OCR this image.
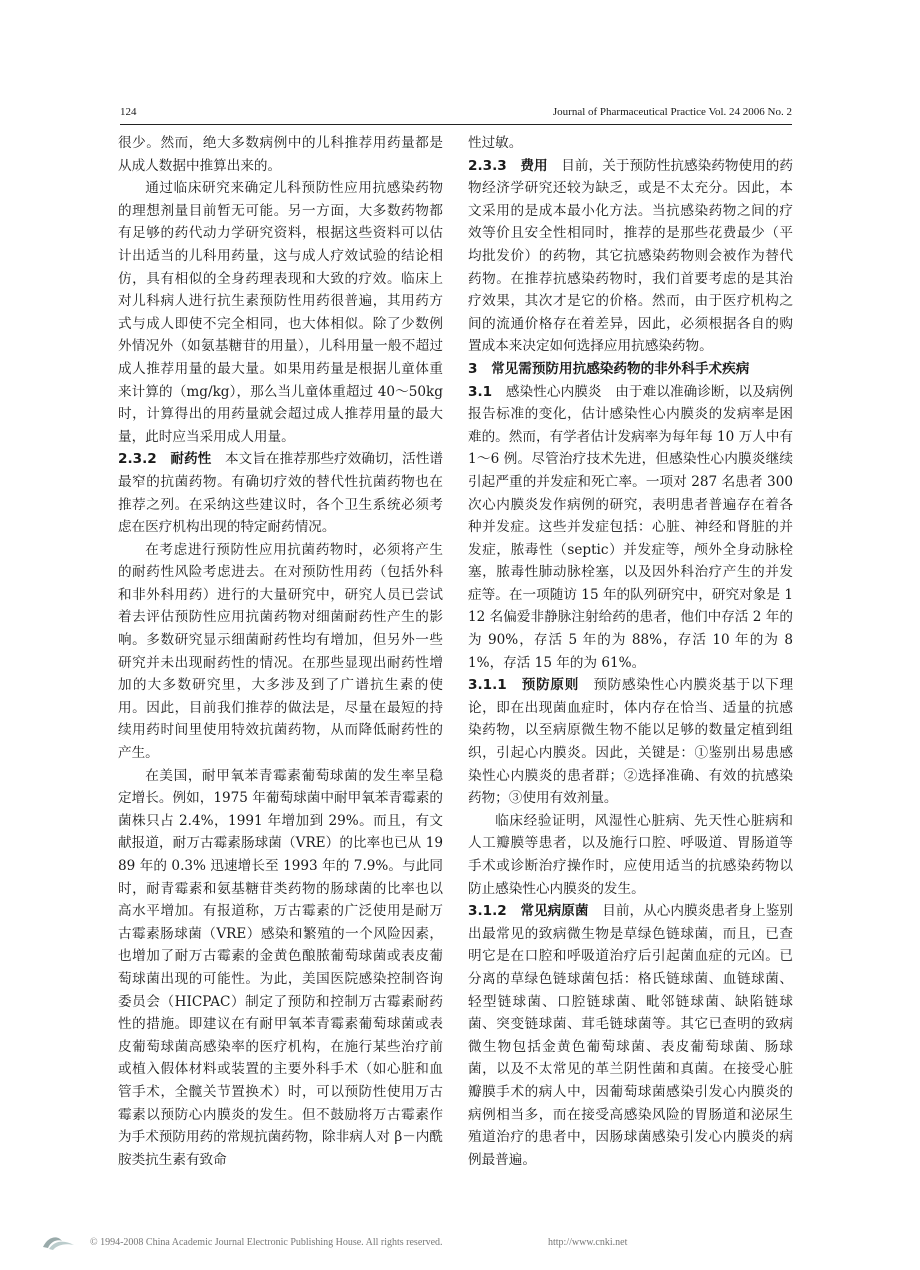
124	Journal of Pharmaceutical Practice Vol. 24 2006 No. 2

很少。然而，绝大多数病例中的儿科推荐用药量都是从成人数据中推算出来的。

通过临床研究来确定儿科预防性应用抗感染药物的理想剂量目前暂无可能。另一方面，大多数药物都有足够的药代动力学研究资料，根据这些资料可以估计出适当的儿科用药量，这与成人疗效试验的结论相仿，具有相似的全身药理表现和大致的疗效。临床上对儿科病人进行抗生素预防性用药很普遍，其用药方式与成人即使不完全相同，也大体相似。除了少数例外情况外（如氨基糖苷的用量），儿科用量一般不超过成人推荐用量的最大量。如果用药量是根据儿童体重来计算的（mg/kg），那么当儿童体重超过 40～50kg 时，计算得出的用药量就会超过成人推荐用量的最大量，此时应当采用成人用量。

2.3.2　 耐药性　 本文旨在推荐那些疗效确切，活性谱最窄的抗菌药物。有确切疗效的替代性抗菌药物也在推荐之列。在采纳这些建议时，各个卫生系统必须考虑在医疗机构出现的特定耐药情况。

在考虑进行预防性应用抗菌药物时，必须将产生的耐药性风险考虑进去。在对预防性用药（包括外科和非外科用药）进行的大量研究中，研究人员已尝试着去评估预防性应用抗菌药物对细菌耐药性产生的影响。多数研究显示细菌耐药性均有增加，但另外一些研究并未出现耐药性的情况。在那些显现出耐药性增加的大多数研究里，大多涉及到了广谱抗生素的使用。因此，目前我们推荐的做法是，尽量在最短的持续用药时间里使用特效抗菌药物，从而降低耐药性的产生。

在美国，耐甲氧苯青霉素葡萄球菌的发生率呈稳定增长。例如，1975 年葡萄球菌中耐甲氧苯青霉素的菌株只占 2.4%，1991 年增加到 29%。而且，有文献报道，耐万古霉素肠球菌（VRE）的比率也已从 1989 年的 0.3% 迅速增长至 1993 年的 7.9%。与此同时，耐青霉素和氨基糖苷类药物的肠球菌的比率也以高水平增加。有报道称，万古霉素的广泛使用是耐万古霉素肠球菌（VRE）感染和繁殖的一个风险因素，也增加了耐万古霉素的金黄色酿脓葡萄球菌或表皮葡萄球菌出现的可能性。为此，美国医院感染控制咨询委员会（HICPAC）制定了预防和控制万古霉素耐药性的措施。即建议在有耐甲氧苯青霉素葡萄球菌或表皮葡萄球菌高感染率的医疗机构，在施行某些治疗前或植入假体材料或装置的主要外科手术（如心脏和血管手术，全髋关节置换术）时，可以预防性使用万古霉素以预防心内膜炎的发生。但不鼓励将万古霉素作为手术预防用药的常规抗菌药物，除非病人对 β－内酰胺类抗生素有致命

性过敏。

2.3.3　 费用　 目前，关于预防性抗感染药物使用的药物经济学研究还较为缺乏，或是不太充分。因此，本文采用的是成本最小化方法。当抗感染药物之间的疗效等价且安全性相同时，推荐的是那些花费最少（平均批发价）的药物，其它抗感染药物则会被作为替代药物。在推荐抗感染药物时，我们首要考虑的是其治疗效果，其次才是它的价格。然而，由于医疗机构之间的流通价格存在着差异，因此，必须根据各自的购置成本来决定如何选择应用抗感染药物。

3　 常见需预防用抗感染药物的非外科手术疾病

3.1　 感染性心内膜炎　 由于难以准确诊断，以及病例报告标准的变化，估计感染性心内膜炎的发病率是困难的。然而，有学者估计发病率为每年每 10 万人中有 1～6 例。尽管治疗技术先进，但感染性心内膜炎继续引起严重的并发症和死亡率。一项对 287 名患者 300 次心内膜炎发作病例的研究，表明患者普遍存在着各种并发症。这些并发症包括：心脏、神经和肾脏的并发症，脓毒性（septic）并发症等，颅外全身动脉栓塞，脓毒性肺动脉栓塞，以及因外科治疗产生的并发症等。在一项随访 15 年的队列研究中，研究对象是 112 名偏爱非静脉注射给药的患者，他们中存活 2 年的为 90%，存活 5 年的为 88%，存活 10 年的为 81%，存活 15 年的为 61%。

3.1.1　 预防原则　 预防感染性心内膜炎基于以下理论，即在出现菌血症时，体内存在恰当、适量的抗感染药物，以至病原微生物不能以足够的数量定植到组织，引起心内膜炎。因此，关键是：①鉴别出易患感染性心内膜炎的患者群；②选择准确、有效的抗感染药物；③使用有效剂量。

临床经验证明，风湿性心脏病、先天性心脏病和人工瓣膜等患者，以及施行口腔、呼吸道、胃肠道等手术或诊断治疗操作时，应使用适当的抗感染药物以防止感染性心内膜炎的发生。

3.1.2　 常见病原菌　 目前，从心内膜炎患者身上鉴别出最常见的致病微生物是草绿色链球菌，而且，已查明它是在口腔和呼吸道治疗后引起菌血症的元凶。已分离的草绿色链球菌包括：格氏链球菌、血链球菌、轻型链球菌、口腔链球菌、毗邻链球菌、缺陷链球菌、突变链球菌、茸毛链球菌等。其它已查明的致病微生物包括金黄色葡萄球菌、表皮葡萄球菌、肠球菌，以及不太常见的革兰阴性菌和真菌。在接受心脏瓣膜手术的病人中，因葡萄球菌感染引发心内膜炎的病例相当多，而在接受高感染风险的胃肠道和泌尿生殖道治疗的患者中，因肠球菌感染引发心内膜炎的病例最普遍。

© 1994-2008 China Academic Journal Electronic Publishing House. All rights reserved.	http://www.cnki.net
